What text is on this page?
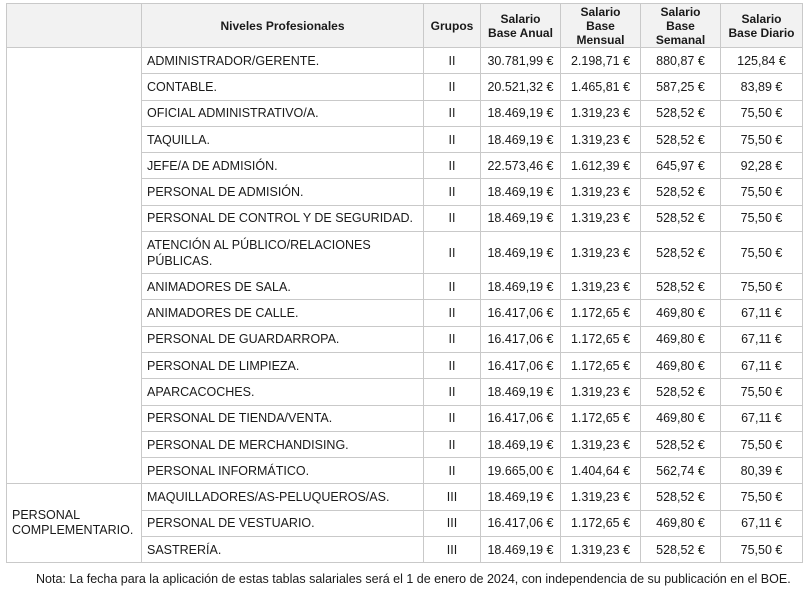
	Niveles Profesionales	Grupos	Salario Base Anual	Salario Base Mensual	Salario Base Semanal	Salario Base Diario
	ADMINISTRADOR/GERENTE.	II	30.781,99 €	2.198,71 €	880,87 €	125,84 €
	CONTABLE.	II	20.521,32 €	1.465,81 €	587,25 €	83,89 €
	OFICIAL ADMINISTRATIVO/A.	II	18.469,19 €	1.319,23 €	528,52 €	75,50 €
	TAQUILLA.	II	18.469,19 €	1.319,23 €	528,52 €	75,50 €
	JEFE/A DE ADMISIÓN.	II	22.573,46 €	1.612,39 €	645,97 €	92,28 €
	PERSONAL DE ADMISIÓN.	II	18.469,19 €	1.319,23 €	528,52 €	75,50 €
	PERSONAL DE CONTROL Y DE SEGURIDAD.	II	18.469,19 €	1.319,23 €	528,52 €	75,50 €
	ATENCIÓN AL PÚBLICO/RELACIONES PÚBLICAS.	II	18.469,19 €	1.319,23 €	528,52 €	75,50 €
	ANIMADORES DE SALA.	II	18.469,19 €	1.319,23 €	528,52 €	75,50 €
	ANIMADORES DE CALLE.	II	16.417,06 €	1.172,65 €	469,80 €	67,11 €
	PERSONAL DE GUARDARROPA.	II	16.417,06 €	1.172,65 €	469,80 €	67,11 €
	PERSONAL DE LIMPIEZA.	II	16.417,06 €	1.172,65 €	469,80 €	67,11 €
	APARCACOCHES.	II	18.469,19 €	1.319,23 €	528,52 €	75,50 €
	PERSONAL DE TIENDA/VENTA.	II	16.417,06 €	1.172,65 €	469,80 €	67,11 €
	PERSONAL DE MERCHANDISING.	II	18.469,19 €	1.319,23 €	528,52 €	75,50 €
	PERSONAL INFORMÁTICO.	II	19.665,00 €	1.404,64 €	562,74 €	80,39 €
PERSONAL COMPLEMENTARIO.	MAQUILLADORES/AS-PELUQUEROS/AS.	III	18.469,19 €	1.319,23 €	528,52 €	75,50 €
	PERSONAL DE VESTUARIO.	III	16.417,06 €	1.172,65 €	469,80 €	67,11 €
	SASTRERÍA.	III	18.469,19 €	1.319,23 €	528,52 €	75,50 €
Nota: La fecha para la aplicación de estas tablas salariales será el 1 de enero de 2024, con independencia de su publicación en el BOE.
